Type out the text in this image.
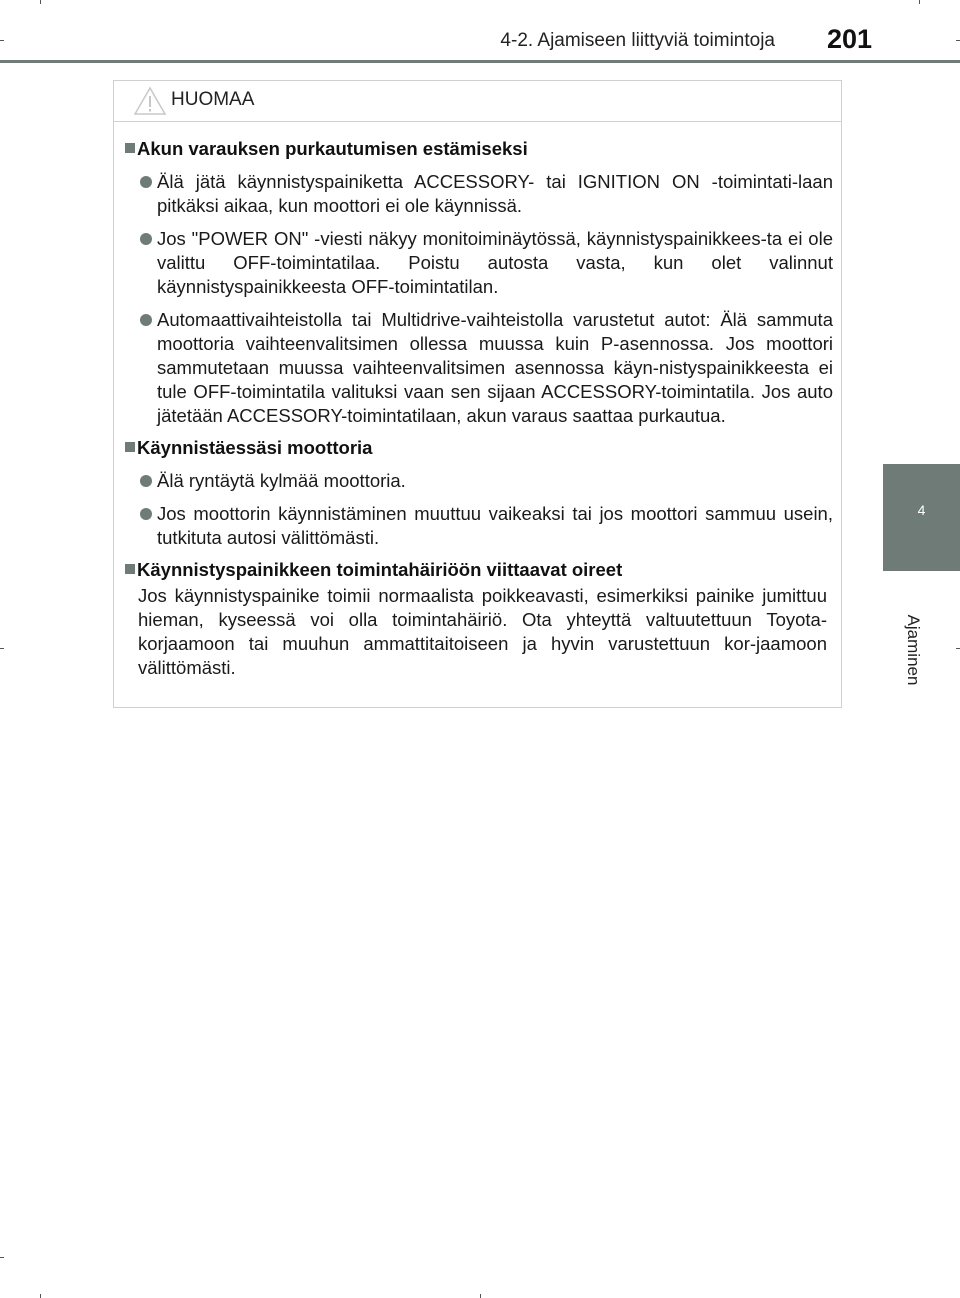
4-2. Ajamiseen liittyviä toimintoja 201
4
Ajaminen
HUOMAA
Akun varauksen purkautumisen estämiseksi
Älä jätä käynnistyspainiketta ACCESSORY- tai IGNITION ON -toimintati-laan pitkäksi aikaa, kun moottori ei ole käynnissä.
Jos "POWER ON" -viesti näkyy monitoiminäytössä, käynnistyspainikkees-ta ei ole valittu OFF-toimintatilaa. Poistu autosta vasta, kun olet valinnut käynnistyspainikkeesta OFF-toimintatilan.
Automaattivaihteistolla tai Multidrive-vaihteistolla varustetut autot: Älä sammuta moottoria vaihteenvalitsimen ollessa muussa kuin P-asennossa. Jos moottori sammutetaan muussa vaihteenvalitsimen asennossa käyn-nistyspainikkeesta ei tule OFF-toimintatila valituksi vaan sen sijaan ACCESSORY-toimintatila. Jos auto jätetään ACCESSORY-toimintatilaan, akun varaus saattaa purkautua.
Käynnistäessäsi moottoria
Älä ryntäytä kylmää moottoria.
Jos moottorin käynnistäminen muuttuu vaikeaksi tai jos moottori sammuu usein, tutkituta autosi välittömästi.
Käynnistyspainikkeen toimintahäiriöön viittaavat oireet
Jos käynnistyspainike toimii normaalista poikkeavasti, esimerkiksi painike jumittuu hieman, kyseessä voi olla toimintahäiriö. Ota yhteyttä valtuutettuun Toyota-korjaamoon tai muuhun ammattitaitoiseen ja hyvin varustettuun kor-jaamoon välittömästi.
